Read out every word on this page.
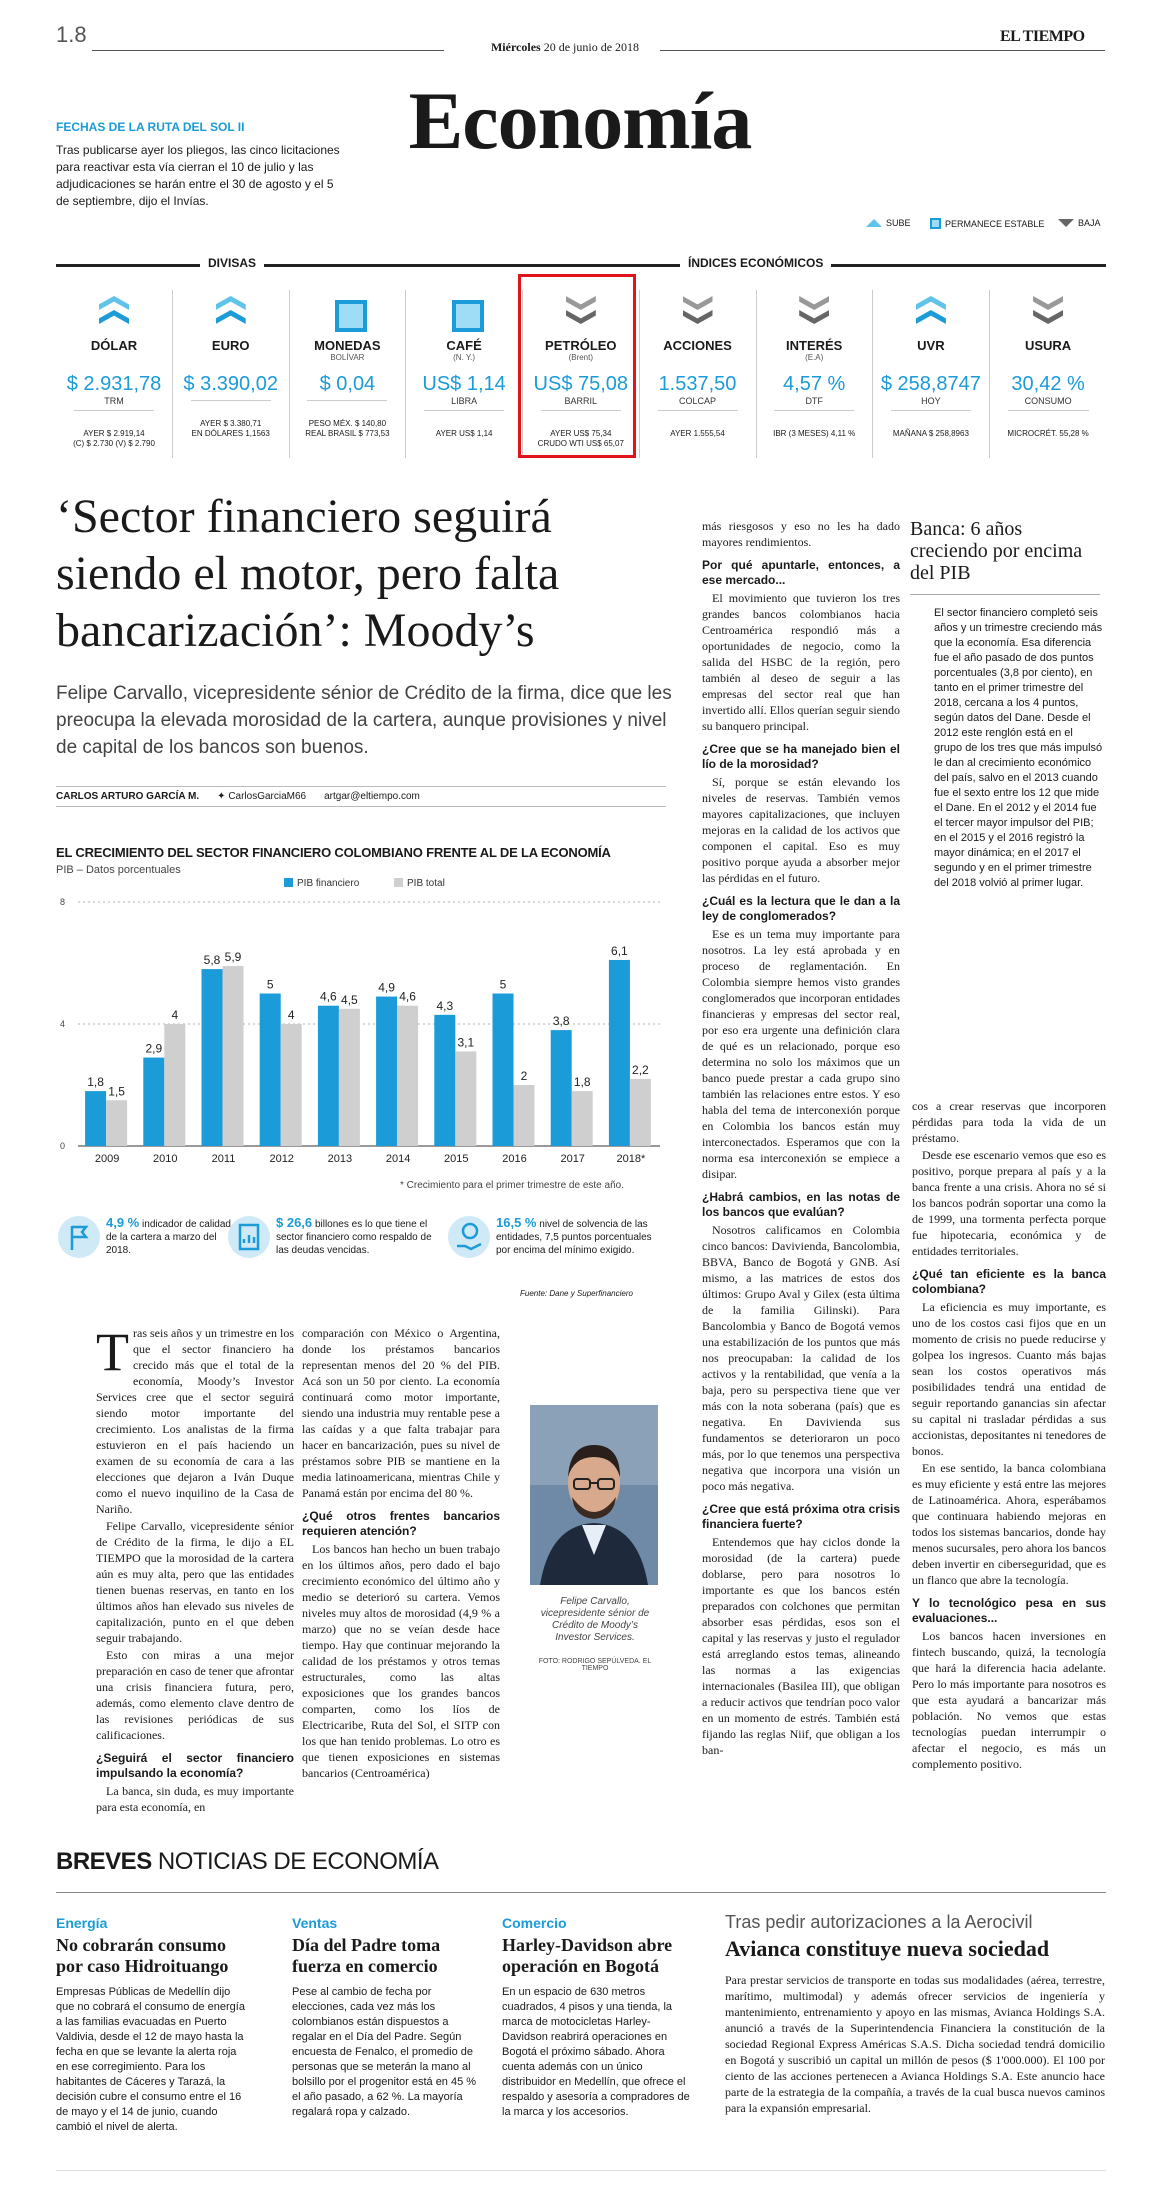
1.8	Miércoles 20 de junio de 2018
EL TIEMPO
Economía
FECHAS DE LA RUTA DEL SOL II
Tras publicarse ayer los pliegos, las cinco licitaciones para reactivar esta vía cierran el 10 de julio y las adjudicaciones se harán entre el 30 de agosto y el 5 de septiembre, dijo el Invías.
SUBE	PERMANECE ESTABLE	BAJA
DIVISAS	ÍNDICES ECONÓMICOS
DÓLAR
$ 2.931,78
TRM
AYER $ 2.919,14
(C) $ 2.730 (V) $ 2.790
EURO
$ 3.390,02
AYER $ 3.380,71
EN DÓLARES 1,1563
MONEDAS
BOLÍVAR
$ 0,04
PESO MÉX. $ 140,80
REAL BRASIL $ 773,53
CAFÉ
(N. Y.)
US$ 1,14
LIBRA
AYER US$ 1,14
PETRÓLEO
(Brent)
US$ 75,08
BARRIL
AYER US$ 75,34
CRUDO WTI US$ 65,07
ACCIONES
1.537,50
COLCAP
AYER 1.555,54
INTERÉS
(E.A)
4,57 %
DTF
IBR (3 MESES) 4,11 %
UVR
$ 258,8747
HOY
MAÑANA $ 258,8963
USURA
30,42 %
CONSUMO
MICROCRÉT. 55,28 %
‘Sector financiero seguirá siendo el motor, pero falta bancarización’: Moody’s
Felipe Carvallo, vicepresidente sénior de Crédito de la firma, dice que les preocupa la elevada morosidad de la cartera, aunque provisiones y nivel de capital de los bancos son buenos.
CARLOS ARTURO GARCÍA M. ✦ CarlosGarciaM66 artgar@eltiempo.com
EL CRECIMIENTO DEL SECTOR FINANCIERO COLOMBIANO FRENTE AL DE LA ECONOMÍA
PIB – Datos porcentuales
0
4
8
PIB financiero	PIB total
1,8
1,5
2009
2,9
4
2010
5,8 5,9
2011
5
4
2012
4,6 4,5
2013
4,9
4,6
2014
4,3
3,1
2015
5
2
2016
3,8
1,8
2017
6,1
2,2
2018*
* Crecimiento para el primer trimestre de este año.
4,9 % indicador de calidad de la cartera a marzo del 2018.
$ 26,6 billones es lo que tiene el sector financiero como respaldo de las deudas vencidas.
16,5 % nivel de solvencia de las entidades, 7,5 puntos porcentuales por encima del mínimo exigido.
Fuente: Dane y Superfinanciero
T ras seis años y un trimestre en los que el sector financiero ha crecido más que el total de la economía, Moody’s Investor Services cree que el sector seguirá siendo motor importante del crecimiento. Los analistas de la firma estuvieron en el país haciendo un examen de su economía de cara a las elecciones que dejaron a Iván Duque como el nuevo inquilino de la Casa de Nariño.

Felipe Carvallo, vicepresidente sénior de Crédito de la firma, le dijo a EL TIEMPO que la morosidad de la cartera aún es muy alta, pero que las entidades tienen buenas reservas, en tanto en los últimos años han elevado sus niveles de capitalización, punto en el que deben seguir trabajando.

Esto con miras a una mejor preparación en caso de tener que afrontar una crisis financiera futura, pero, además, como elemento clave dentro de las revisiones periódicas de sus calificaciones.

¿Seguirá el sector financiero impulsando la economía?

La banca, sin duda, es muy importante para esta economía, en

comparación con México o Argentina, donde los préstamos bancarios representan menos del 20 % del PIB. Acá son un 50 por ciento. La economía continuará como motor importante, siendo una industria muy rentable pese a las caídas y a que falta trabajar para hacer en bancarización, pues su nivel de préstamos sobre PIB se mantiene en la media latinoamericana, mientras Chile y Panamá están por encima del 80 %.

¿Qué otros frentes bancarios requieren atención?

Los bancos han hecho un buen trabajo en los últimos años, pero dado el bajo crecimiento económico del último año y medio se deterioró su cartera. Vemos niveles muy altos de morosidad (4,9 % a marzo) que no se veían desde hace tiempo. Hay que continuar mejorando la calidad de los préstamos y otros temas estructurales, como las altas exposiciones que los grandes bancos comparten, como los líos de Electricaribe, Ruta del Sol, el SITP con los que han tenido problemas. Lo otro es que tienen exposiciones en sistemas bancarios (Centroamérica)

Felipe Carvallo, vicepresidente sénior de Crédito de Moody’s Investor Services.
FOTO: RODRIGO SEPÚLVEDA. EL TIEMPO

más riesgosos y eso no les ha dado mayores rendimientos.

Por qué apuntarle, entonces, a ese mercado...

El movimiento que tuvieron los tres grandes bancos colombianos hacia Centroamérica respondió más a oportunidades de negocio, como la salida del HSBC de la región, pero también al deseo de seguir a las empresas del sector real que han invertido allí. Ellos querían seguir siendo su banquero principal.

¿Cree que se ha manejado bien el lío de la morosidad?

Sí, porque se están elevando los niveles de reservas. También vemos mayores capitalizaciones, que incluyen mejoras en la calidad de los activos que componen el capital. Eso es muy positivo porque ayuda a absorber mejor las pérdidas en el futuro.

¿Cuál es la lectura que le dan a la ley de conglomerados?

Ese es un tema muy importante para nosotros. La ley está aprobada y en proceso de reglamentación. En Colombia siempre hemos visto grandes conglomerados que incorporan entidades financieras y empresas del sector real, por eso era urgente una definición clara de qué es un relacionado, porque eso determina no solo los máximos que un banco puede prestar a cada grupo sino también las relaciones entre estos. Y eso habla del tema de interconexión porque en Colombia los bancos están muy interconectados. Esperamos que con la norma esa interconexión se empiece a disipar.

¿Habrá cambios, en las notas de los bancos que evalúan?

Nosotros calificamos en Colombia cinco bancos: Davivienda, Bancolombia, BBVA, Banco de Bogotá y GNB. Así mismo, a las matrices de estos dos últimos: Grupo Aval y Gilex (esta última de la familia Gilinski). Para Bancolombia y Banco de Bogotá vemos una estabilización de los puntos que más nos preocupaban: la calidad de los activos y la rentabilidad, que venía a la baja, pero su perspectiva tiene que ver más con la nota soberana (país) que es negativa. En Davivienda sus fundamentos se deterioraron un poco más, por lo que tenemos una perspectiva negativa que incorpora una visión un poco más negativa.

¿Cree que está próxima otra crisis financiera fuerte?

Entendemos que hay ciclos donde la morosidad (de la cartera) puede doblarse, pero para nosotros lo importante es que los bancos estén preparados con colchones que permitan absorber esas pérdidas, esos son el capital y las reservas y justo el regulador está arreglando estos temas, alineando las normas a las exigencias internacionales (Basilea III), que obligan a reducir activos que tendrían poco valor en un momento de estrés. También está fijando las reglas Niif, que obligan a los ban-

cos a crear reservas que incorporen pérdidas para toda la vida de un préstamo.

Desde ese escenario vemos que eso es positivo, porque prepara al país y a la banca frente a una crisis. Ahora no sé si los bancos podrán soportar una como la de 1999, una tormenta perfecta porque fue hipotecaria, económica y de entidades territoriales.

¿Qué tan eficiente es la banca colombiana?

La eficiencia es muy importante, es uno de los costos casi fijos que en un momento de crisis no puede reducirse y golpea los ingresos. Cuanto más bajas sean los costos operativos más posibilidades tendrá una entidad de seguir reportando ganancias sin afectar su capital ni trasladar pérdidas a sus accionistas, depositantes ni tenedores de bonos.

En ese sentido, la banca colombiana es muy eficiente y está entre las mejores de Latinoamérica. Ahora, esperábamos que continuara habiendo mejoras en todos los sistemas bancarios, donde hay menos sucursales, pero ahora los bancos deben invertir en ciberseguridad, que es un flanco que abre la tecnología.

Y lo tecnológico pesa en sus evaluaciones...

Los bancos hacen inversiones en fintech buscando, quizá, la tecnología que hará la diferencia hacia adelante. Pero lo más importante para nosotros es que esta ayudará a bancarizar más población. No vemos que estas tecnologías puedan interrumpir o afectar el negocio, es más un complemento positivo.

Banca: 6 años creciendo por encima del PIB
El sector financiero completó seis años y un trimestre creciendo más que la economía. Esa diferencia fue el año pasado de dos puntos porcentuales (3,8 por ciento), en tanto en el primer trimestre del 2018, cercana a los 4 puntos, según datos del Dane. Desde el 2012 este renglón está en el grupo de los tres que más impulsó le dan al crecimiento económico del país, salvo en el 2013 cuando fue el sexto entre los 12 que mide el Dane. En el 2012 y el 2014 fue el tercer mayor impulsor del PIB; en el 2015 y el 2016 registró la mayor dinámica; en el 2017 el segundo y en el primer trimestre del 2018 volvió al primer lugar.
BREVES NOTICIAS DE ECONOMÍA
Energía
No cobrarán consumo por caso Hidroituango
Empresas Públicas de Medellín dijo que no cobrará el consumo de energía a las familias evacuadas en Puerto Valdivia, desde el 12 de mayo hasta la fecha en que se levante la alerta roja en ese corregimiento. Para los habitantes de Cáceres y Tarazá, la decisión cubre el consumo entre el 16 de mayo y el 14 de junio, cuando cambió el nivel de alerta.
Ventas
Día del Padre toma fuerza en comercio
Pese al cambio de fecha por elecciones, cada vez más los colombianos están dispuestos a regalar en el Día del Padre. Según encuesta de Fenalco, el promedio de personas que se meterán la mano al bolsillo por el progenitor está en 45 % el año pasado, a 62 %. La mayoría regalará ropa y calzado.
Comercio
Harley-Davidson abre operación en Bogotá
En un espacio de 630 metros cuadrados, 4 pisos y una tienda, la marca de motocicletas Harley-Davidson reabrirá operaciones en Bogotá el próximo sábado. Ahora cuenta además con un único distribuidor en Medellín, que ofrece el respaldo y asesoría a compradores de la marca y los accesorios.
Tras pedir autorizaciones a la Aerocivil
Avianca constituye nueva sociedad
Para prestar servicios de transporte en todas sus modalidades (aérea, terrestre, marítimo, multimodal) y además ofrecer servicios de ingeniería y mantenimiento, entrenamiento y apoyo en las mismas, Avianca Holdings S.A. anunció a través de la Superintendencia Financiera la constitución de la sociedad Regional Express Américas S.A.S. Dicha sociedad tendrá domicilio en Bogotá y suscribió un capital un millón de pesos ($ 1'000.000). El 100 por ciento de las acciones pertenecen a Avianca Holdings S.A. Este anuncio hace parte de la estrategia de la compañía, a través de la cual busca nuevos caminos para la expansión empresarial.
